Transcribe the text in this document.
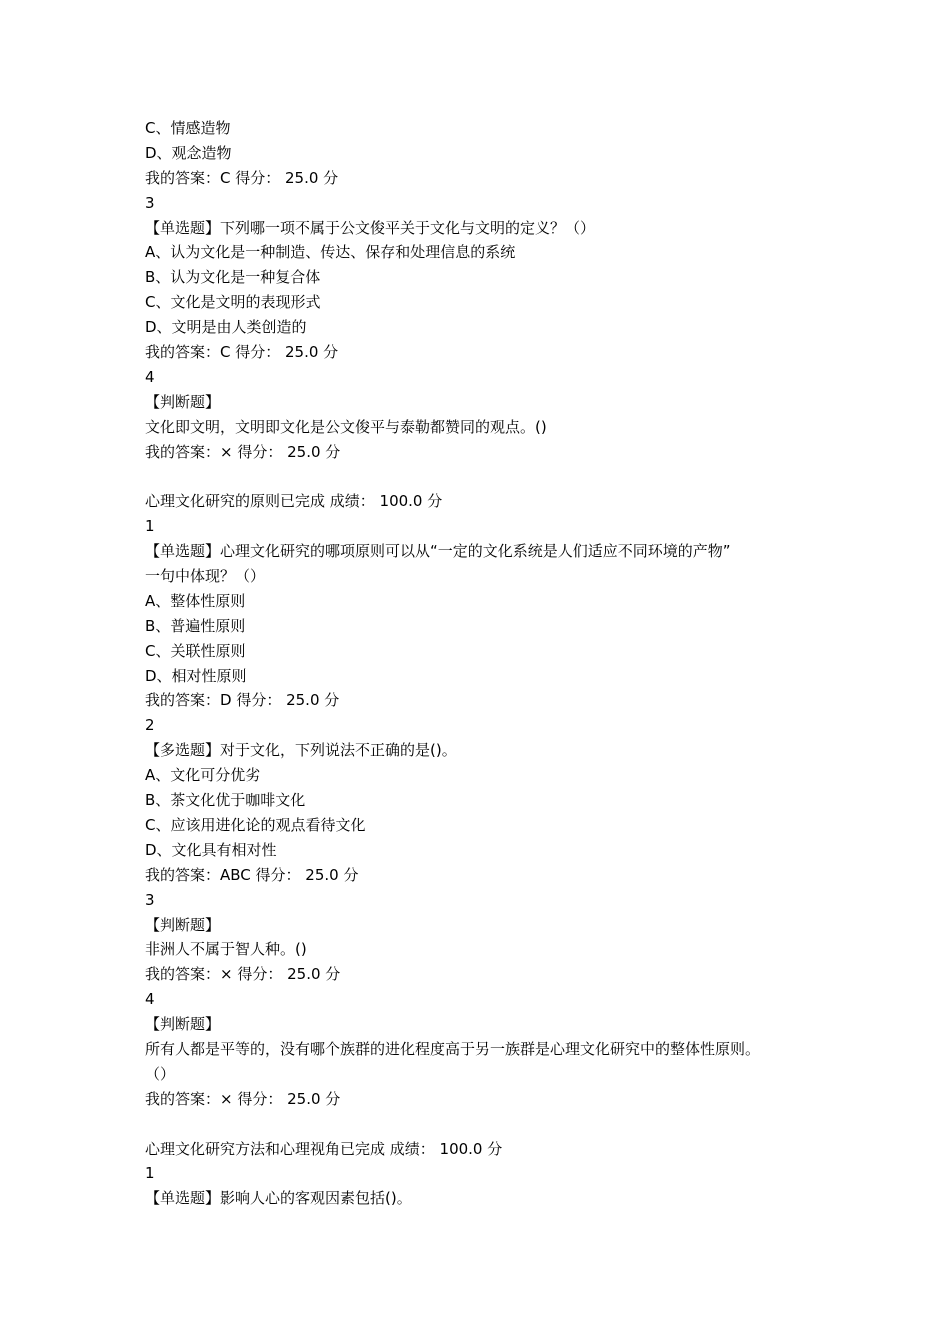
C、情感造物
D、观念造物
我的答案：C 得分： 25.0 分
3
【单选题】下列哪一项不属于公文俊平关于文化与文明的定义？（）
A、认为文化是一种制造、传达、保存和处理信息的系统
B、认为文化是一种复合体
C、文化是文明的表现形式
D、文明是由人类创造的
我的答案：C 得分： 25.0 分
4
【判断题】
文化即文明，文明即文化是公文俊平与泰勒都赞同的观点。()
我的答案：× 得分： 25.0 分
心理文化研究的原则已完成 成绩： 100.0 分
1
【单选题】心理文化研究的哪项原则可以从“一定的文化系统是人们适应不同环境的产物”
一句中体现？（）
A、整体性原则
B、普遍性原则
C、关联性原则
D、相对性原则
我的答案：D 得分： 25.0 分
2
【多选题】对于文化，下列说法不正确的是()。
A、文化可分优劣
B、茶文化优于咖啡文化
C、应该用进化论的观点看待文化
D、文化具有相对性
我的答案：ABC 得分： 25.0 分
3
【判断题】
非洲人不属于智人种。()
我的答案：× 得分： 25.0 分
4
【判断题】
所有人都是平等的，没有哪个族群的进化程度高于另一族群是心理文化研究中的整体性原则。
（）
我的答案：× 得分： 25.0 分
心理文化研究方法和心理视角已完成 成绩： 100.0 分
1
【单选题】影响人心的客观因素包括()。
